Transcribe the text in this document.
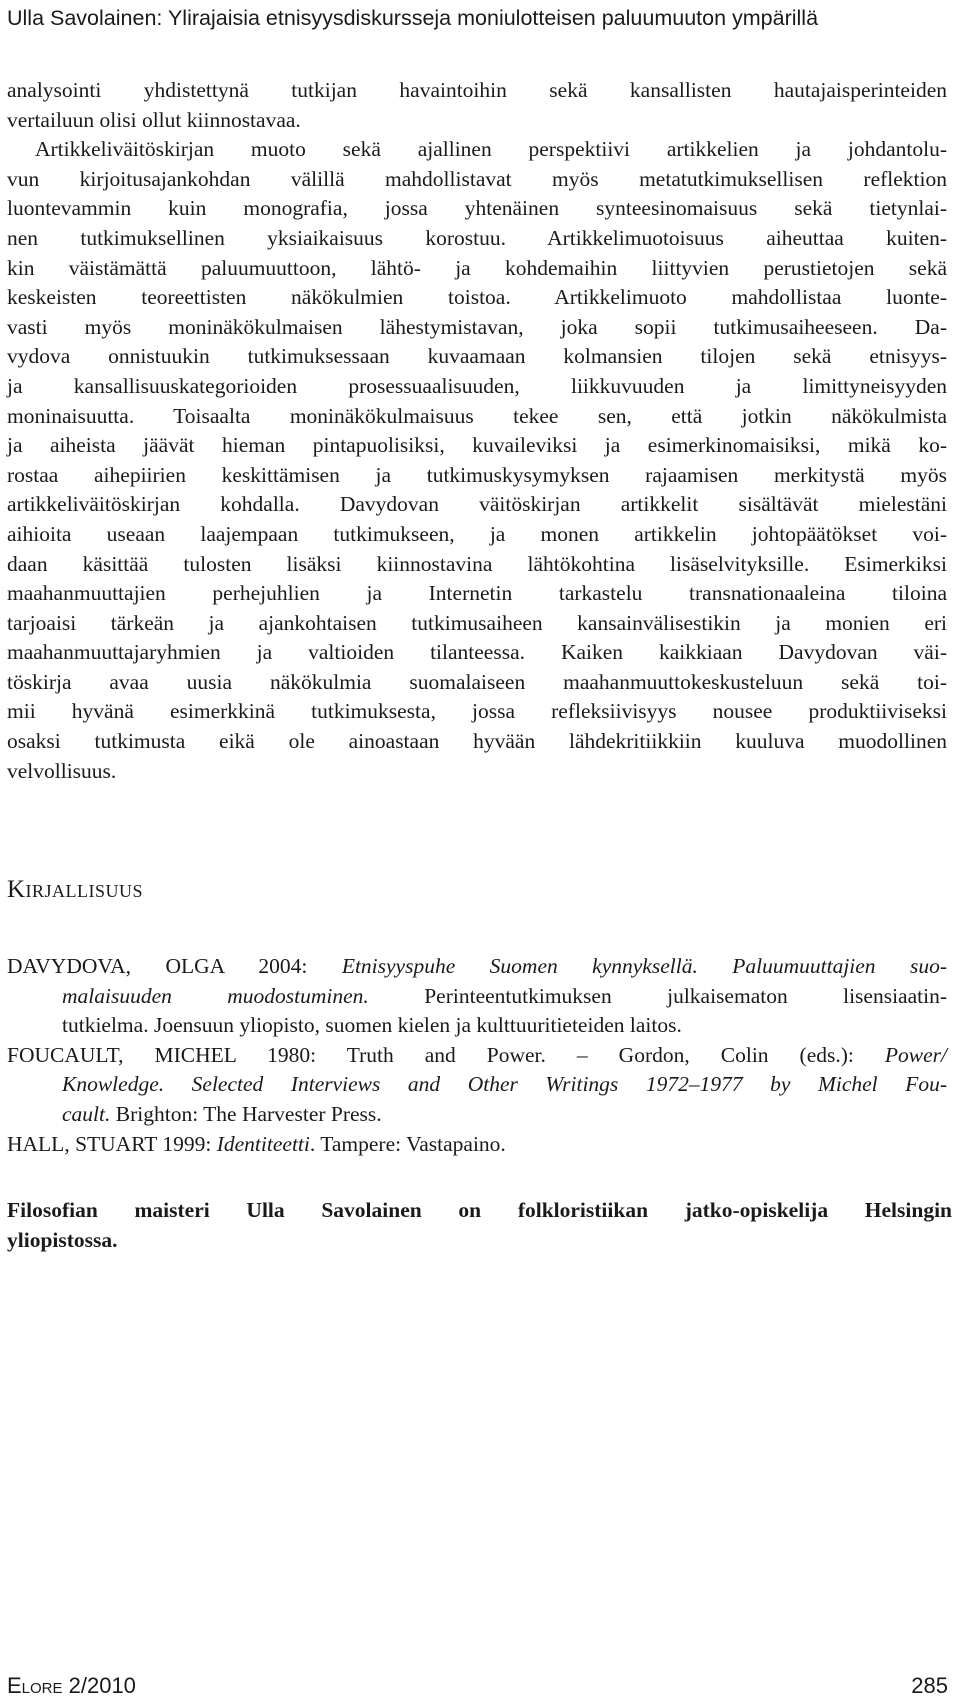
Ulla Savolainen: Ylirajaisia etnisyysdiskursseja moniulotteisen paluumuuton ympärillä
analysointi yhdistettynä tutkijan havaintoihin sekä kansallisten hautajaisperinteiden
vertailuun olisi ollut kiinnostavaa.
Artikkeliväitöskirjan muoto sekä ajallinen perspektiivi artikkelien ja johdantolu-
vun kirjoitusajankohdan välillä mahdollistavat myös metatutkimuksellisen reflektion
luontevammin kuin monografia, jossa yhtenäinen synteesinomaisuus sekä tietynlai-
nen tutkimuksellinen yksiaikaisuus korostuu. Artikkelimuotoisuus aiheuttaa kuiten-
kin väistämättä paluumuuttoon, lähtö- ja kohdemaihin liittyvien perustietojen sekä
keskeisten teoreettisten näkökulmien toistoa. Artikkelimuoto mahdollistaa luonte-
vasti myös moninäkökulmaisen lähestymistavan, joka sopii tutkimusaiheeseen. Da-
vydova onnistuukin tutkimuksessaan kuvaamaan kolmansien tilojen sekä etnisyys-
ja kansallisuuskategorioiden prosessuaalisuuden, liikkuvuuden ja limittyneisyyden
moninaisuutta. Toisaalta moninäkökulmaisuus tekee sen, että jotkin näkökulmista
ja aiheista jäävät hieman pintapuolisiksi, kuvaileviksi ja esimerkinomaisiksi, mikä ko-
rostaa aihepiirien keskittämisen ja tutkimuskysymyksen rajaamisen merkitystä myös
artikkeliväitöskirjan kohdalla. Davydovan väitöskirjan artikkelit sisältävät mielestäni
aihioita useaan laajempaan tutkimukseen, ja monen artikkelin johtopäätökset voi-
daan käsittää tulosten lisäksi kiinnostavina lähtökohtina lisäselvityksille. Esimerkiksi
maahanmuuttajien perhejuhlien ja Internetin tarkastelu transnationaaleina tiloina
tarjoaisi tärkeän ja ajankohtaisen tutkimusaiheen kansainvälisestikin ja monien eri
maahanmuuttajaryhmien ja valtioiden tilanteessa. Kaiken kaikkiaan Davydovan väi-
töskirja avaa uusia näkökulmia suomalaiseen maahanmuuttokeskusteluun sekä toi-
mii hyvänä esimerkkinä tutkimuksesta, jossa refleksiivisyys nousee produktiiviseksi
osaksi tutkimusta eikä ole ainoastaan hyvään lähdekritiikkiin kuuluva muodollinen
velvollisuus.
Kirjallisuus
DAVYDOVA, OLGA 2004: Etnisyyspuhe Suomen kynnyksellä. Paluumuuttajien suo-
malaisuuden muodostuminen. Perinteentutkimuksen julkaisematon lisensiaatin-
tutkielma. Joensuun yliopisto, suomen kielen ja kulttuuritieteiden laitos.
FOUCAULT, MICHEL 1980: Truth and Power. – Gordon, Colin (eds.): Power/
Knowledge. Selected Interviews and Other Writings 1972–1977 by Michel Fou-
cault. Brighton: The Harvester Press.
HALL, STUART 1999: Identiteetti. Tampere: Vastapaino.
Filosofian maisteri Ulla Savolainen on folkloristiikan jatko-opiskelija Helsingin
yliopistossa.
Elore 2/2010	285
